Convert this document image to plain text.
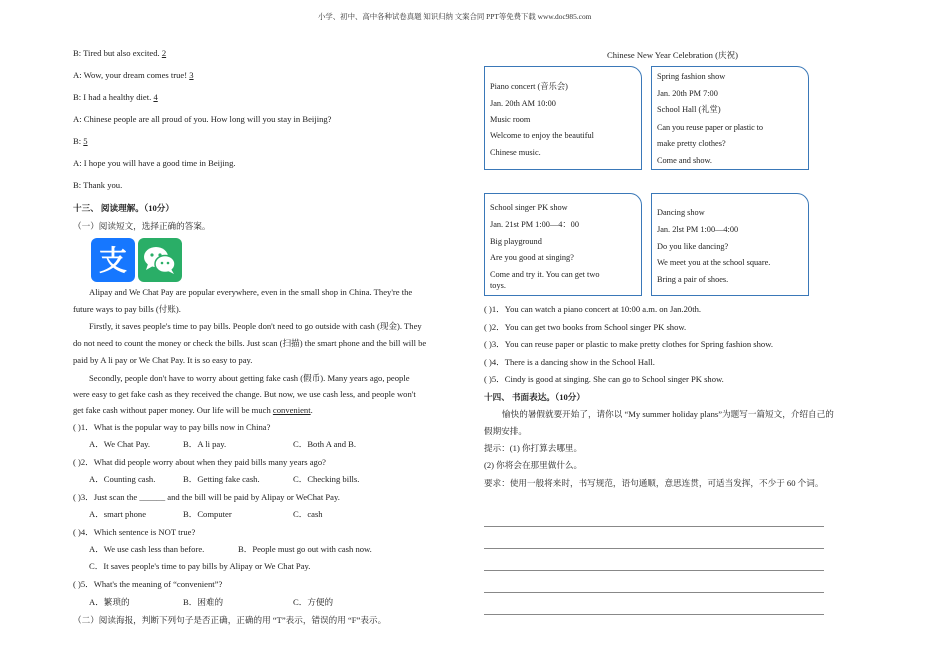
小学、初中、高中各种试卷真题 知识归纳 文案合同 PPT等免费下载 www.doc985.com
B: Tired but also excited. 2
A: Wow, your dream comes true! 3
B: I had a healthy diet. 4
A: Chinese people are all proud of you. How long will you stay in Beijing?
B: 5
A: I hope you will have a good time in Beijing.
B: Thank you.
十三、 阅读理解。（10分）
（一）阅读短文，选择正确的答案。
支
Alipay and We Chat Pay are popular everywhere, even in the small shop in China. They're the
future ways to pay bills (付账).
Firstly, it saves people's time to pay bills. People don't need to go outside with cash (现金). They
do not need to count the money or check the bills. Just scan (扫描) the smart phone and the bill will be
paid by A li pay or We Chat Pay. It is so easy to pay.
Secondly, people don't have to worry about getting fake cash (假币). Many years ago, people
were easy to get fake cash as they received the change. But now, we use cash less, and people won't
get fake cash without paper money. Our life will be much convenient.
( )1．What is the popular way to pay bills now in China?
A．We Chat Pay.	B．A li pay.	C．Both A and B.
( )2．What did people worry about when they paid bills many years ago?
A．Counting cash.	B．Getting fake cash.	C．Checking bills.
( )3．Just scan the ______ and the bill will be paid by Alipay or WeChat Pay.
A．smart phone	B．Computer	C．cash
( )4．Which sentence is NOT true?
A．We use cash less than before.	B．People must go out with cash now.
C．It saves people's time to pay bills by Alipay or We Chat Pay.
( )5．What's the meaning of “convenient”?
A．繁琐的	B．困难的	C．方便的
（二）阅读海报，判断下列句子是否正确，正确的用 “T”表示，错误的用 “F”表示。
Chinese New Year Celebration (庆祝)
Piano concert (音乐会)
Jan. 20th AM 10:00
Music room
Welcome to enjoy the beautiful
Chinese music.
Spring fashion show
Jan. 20th PM 7:00
School Hall (礼堂)
Can you reuse paper or plastic to
make pretty clothes?
Come and show.
School singer PK show
Jan. 21st PM 1:00—4：00
Big playground
Are you good at singing?
Come and try it. You can get two
toys.
Dancing show
Jan. 2lst PM 1:00—4:00
Do you like dancing?
We meet you at the school square.
Bring a pair of shoes.
( )1．You can watch a piano concert at 10:00 a.m. on Jan.20th.
( )2．You can get two books from School singer PK show.
( )3．You can reuse paper or plastic to make pretty clothes for Spring fashion show.
( )4．There is a dancing show in the School Hall.
( )5．Cindy is good at singing. She can go to School singer PK show.
十四、 书面表达。（10分）
愉快的暑假就要开始了，请你以 “My summer holiday plans”为题写一篇短文，介绍自己的
假期安排。
提示：(1) 你打算去哪里。
(2) 你将会在那里做什么。
要求：使用一般将来时，书写规范，语句通顺，意思连贯，可适当发挥，不少于 60 个词。
